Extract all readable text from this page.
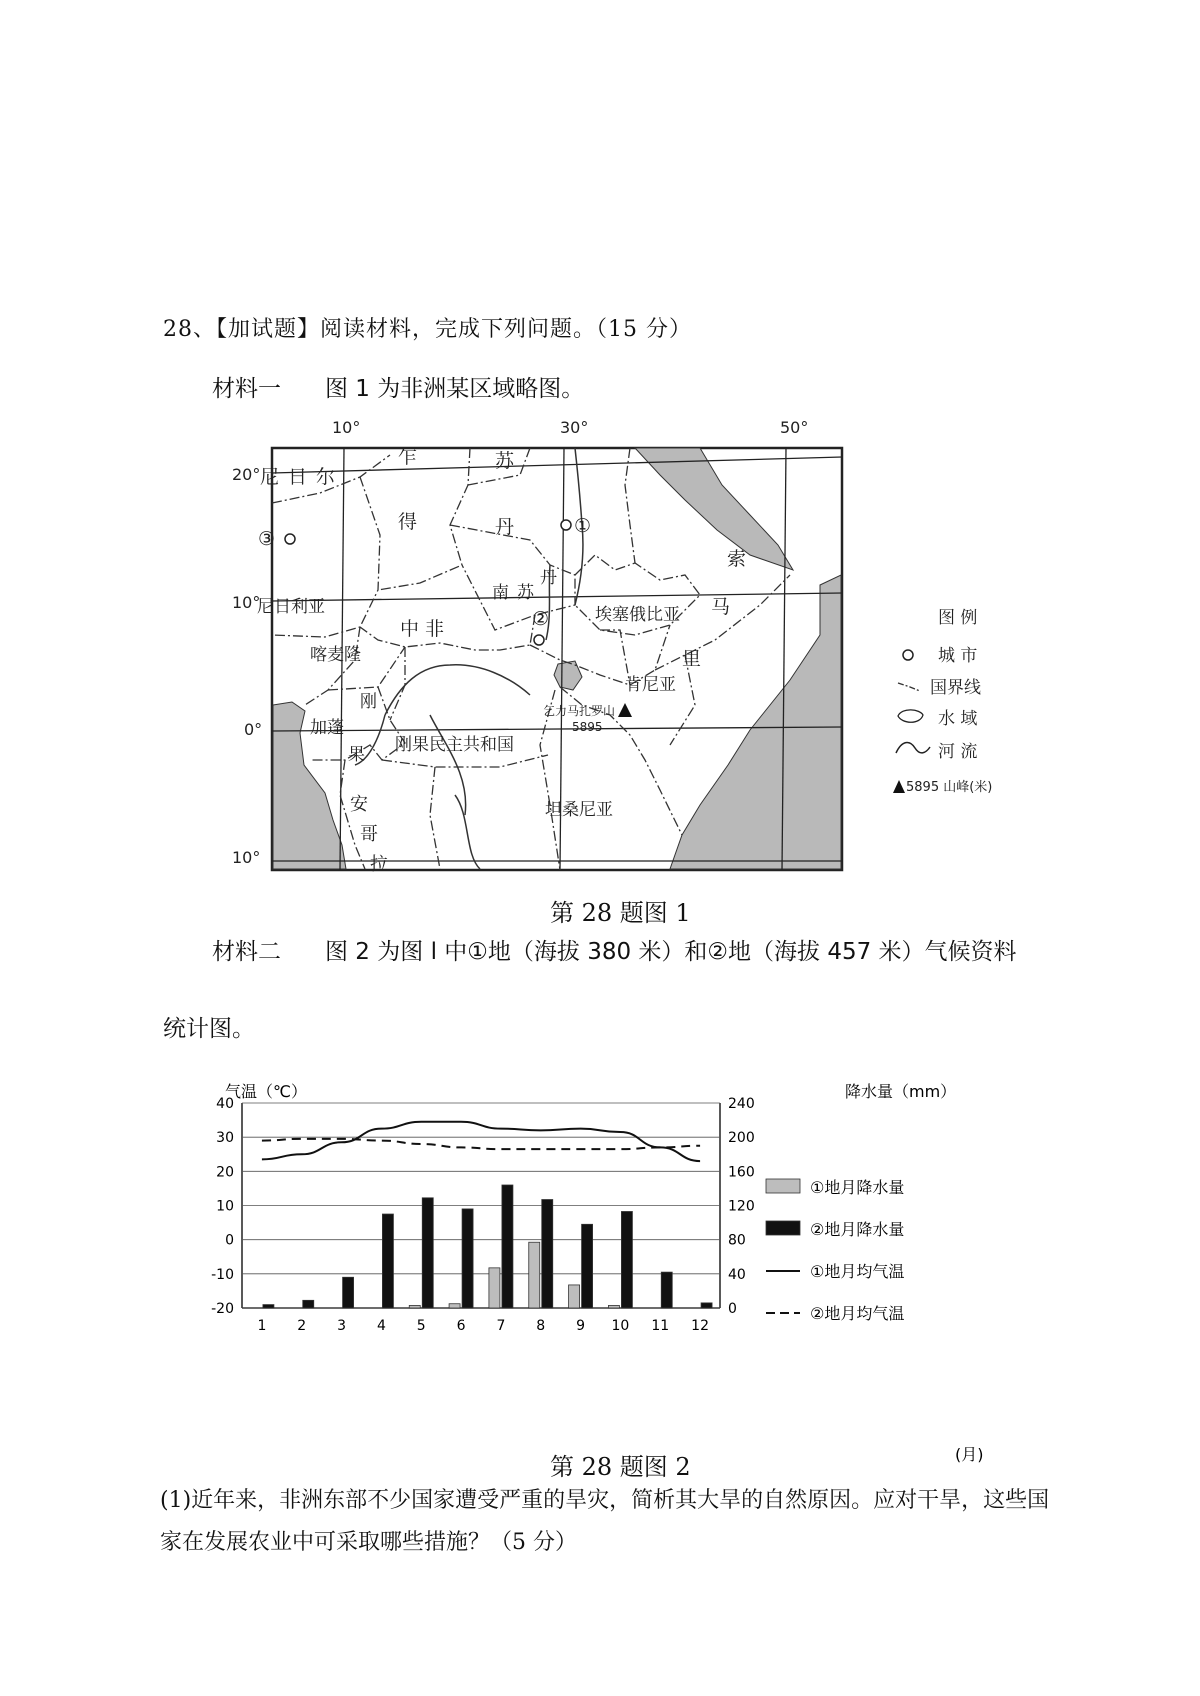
28、【加试题】阅读材料，完成下列问题。（15 分）
材料一 图 1 为非洲某区域略图。
10°	30°	50°
20°
10°
0°
10°
尼 日 尔
乍
得
苏
丹
尼日利亚
喀麦隆
中 非
南 苏
丹
埃塞俄比亚
索
马
里
肯尼亚
加蓬
刚
果 刚果民主共和国
坦桑尼亚
安
哥
拉
①
②
③
乞力马扎罗山
5895
图 例
城 市
国界线
水 域
河 流
5895 山峰(米)
第 28 题图 1
材料二 图 2 为图 l 中①地（海拔 380 米）和②地（海拔 457 米）气候资料
统计图。
气温（℃）	降水量（mm）
40
30
20
10
0
-10
-20
240
200
160
120
80
40
0
1 2 3 4 5 6 7 8 9 10 11 12
(月)
①地月降水量
②地月降水量
①地月均气温
②地月均气温
第 28 题图 2
(1)近年来，非洲东部不少国家遭受严重的旱灾，简析其大旱的自然原因。应对干旱，这些国家在发展农业中可采取哪些措施？（5 分）
